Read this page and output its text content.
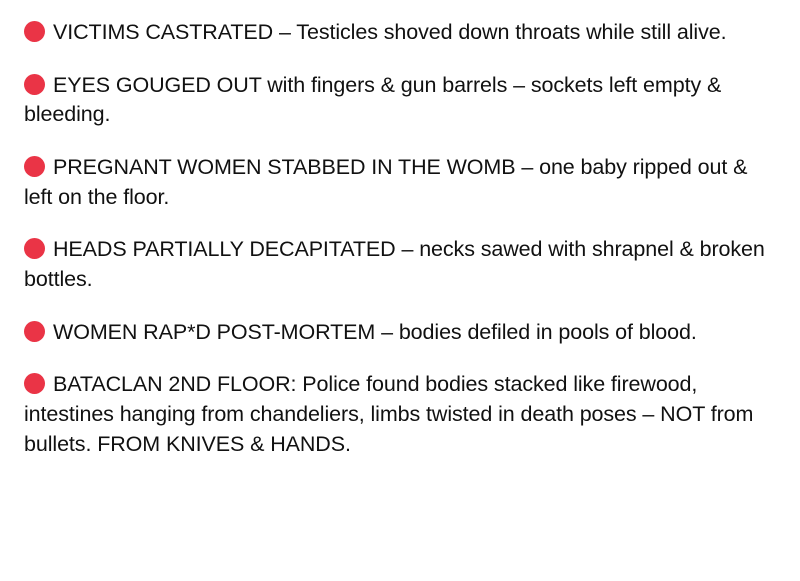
VICTIMS CASTRATED – Testicles shoved down throats while still alive.

EYES GOUGED OUT with fingers & gun barrels – sockets left empty & bleeding.

PREGNANT WOMEN STABBED IN THE WOMB – one baby ripped out & left on the floor.

HEADS PARTIALLY DECAPITATED – necks sawed with shrapnel & broken bottles.

WOMEN RAP*D POST-MORTEM – bodies defiled in pools of blood.

BATACLAN 2ND FLOOR: Police found bodies stacked like firewood, intestines hanging from chandeliers, limbs twisted in death poses – NOT from bullets. FROM KNIVES & HANDS.
